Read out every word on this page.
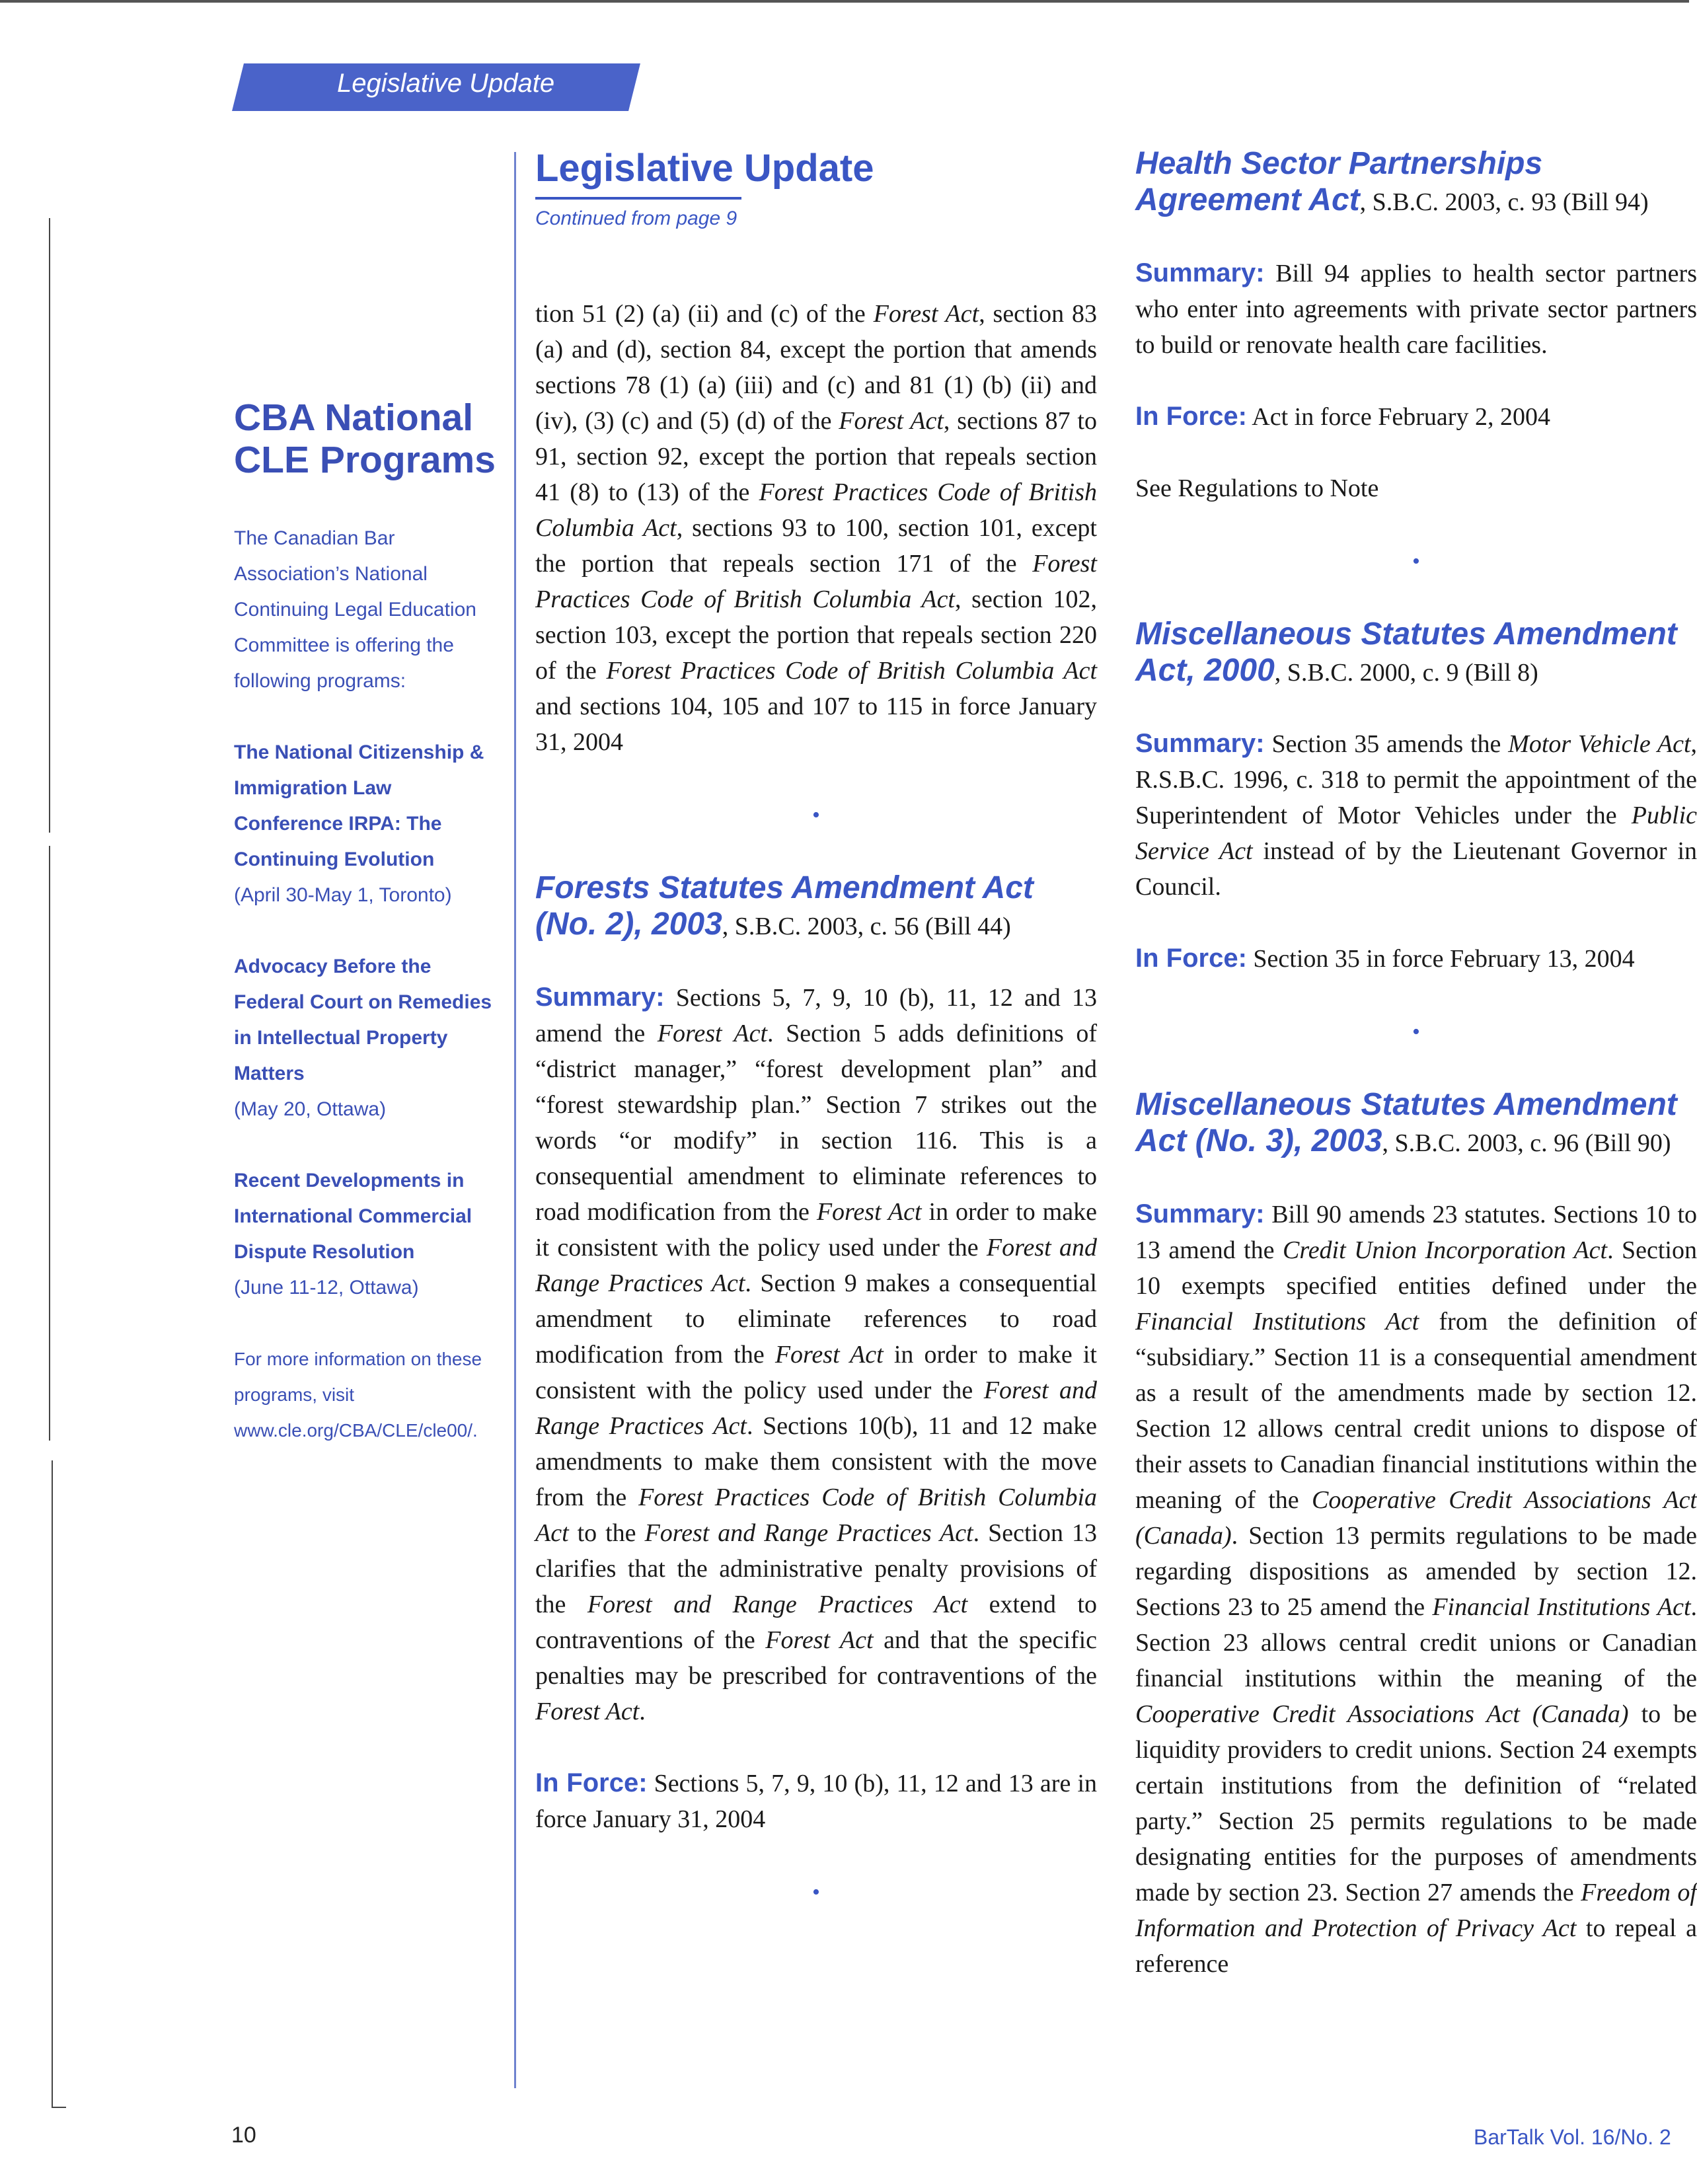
Legislative Update
CBA National CLE Programs
The Canadian Bar Association’s National Continuing Legal Education Committee is offering the following programs:
The National Citizenship & Immigration Law Conference IRPA: The Continuing Evolution
(April 30-May 1, Toronto)
Advocacy Before the Federal Court on Remedies in Intellectual Property Matters
(May 20, Ottawa)
Recent Developments in International Commercial Dispute Resolution
(June 11-12, Ottawa)
For more information on these programs, visit www.cle.org/CBA/CLE/cle00/.
Legislative Update
Continued from page 9

tion 51 (2) (a) (ii) and (c) of the Forest Act, section 83 (a) and (d), section 84, except the portion that amends sections 78 (1) (a) (iii) and (c) and 81 (1) (b) (ii) and (iv), (3) (c) and (5) (d) of the Forest Act, sections 87 to 91, section 92, except the portion that repeals section 41 (8) to (13) of the Forest Practices Code of British Columbia Act, sections 93 to 100, section 101, except the portion that repeals section 171 of the Forest Practices Code of British Columbia Act, section 102, section 103, except the portion that repeals section 220 of the Forest Practices Code of British Columbia Act and sections 104, 105 and 107 to 115 in force January 31, 2004

•

Forests Statutes Amendment Act (No. 2), 2003, S.B.C. 2003, c. 56 (Bill 44)

Summary: Sections 5, 7, 9, 10 (b), 11, 12 and 13 amend the Forest Act. Section 5 adds definitions of “district manager,” “forest development plan” and “forest stewardship plan.” Section 7 strikes out the words “or modify” in section 116. This is a consequential amendment to eliminate references to road modification from the Forest Act in order to make it consistent with the policy used under the Forest and Range Practices Act. Section 9 makes a consequential amendment to eliminate references to road modification from the Forest Act in order to make it consistent with the policy used under the Forest and Range Practices Act. Sections 10(b), 11 and 12 make amendments to make them consistent with the move from the Forest Practices Code of British Columbia Act to the Forest and Range Practices Act. Section 13 clarifies that the administrative penalty provisions of the Forest and Range Practices Act extend to contraventions of the Forest Act and that the specific penalties may be prescribed for contraventions of the Forest Act.

In Force: Sections 5, 7, 9, 10 (b), 11, 12 and 13 are in force January 31, 2004

•

Health Sector Partnerships Agreement Act, S.B.C. 2003, c. 93 (Bill 94)

Summary: Bill 94 applies to health sector partners who enter into agreements with private sector partners to build or renovate health care facilities.

In Force: Act in force February 2, 2004

See Regulations to Note

•

Miscellaneous Statutes Amendment Act, 2000, S.B.C. 2000, c. 9 (Bill 8)

Summary: Section 35 amends the Motor Vehicle Act, R.S.B.C. 1996, c. 318 to permit the appointment of the Superintendent of Motor Vehicles under the Public Service Act instead of by the Lieutenant Governor in Council.

In Force: Section 35 in force February 13, 2004

•

Miscellaneous Statutes Amendment Act (No. 3), 2003, S.B.C. 2003, c. 96 (Bill 90)

Summary: Bill 90 amends 23 statutes. Sections 10 to 13 amend the Credit Union Incorporation Act. Section 10 exempts specified entities defined under the Financial Institutions Act from the definition of “subsidiary.” Section 11 is a consequential amendment as a result of the amendments made by section 12. Section 12 allows central credit unions to dispose of their assets to Canadian financial institutions within the meaning of the Cooperative Credit Associations Act (Canada). Section 13 permits regulations to be made regarding dispositions as amended by section 12. Sections 23 to 25 amend the Financial Institutions Act. Section 23 allows central credit unions or Canadian financial institutions within the meaning of the Cooperative Credit Associations Act (Canada) to be liquidity providers to credit unions. Section 24 exempts certain institutions from the definition of “related party.” Section 25 permits regulations to be made designating entities for the purposes of amendments made by section 23. Section 27 amends the Freedom of Information and Protection of Privacy Act to repeal a reference

10	BarTalk Vol. 16/No. 2
